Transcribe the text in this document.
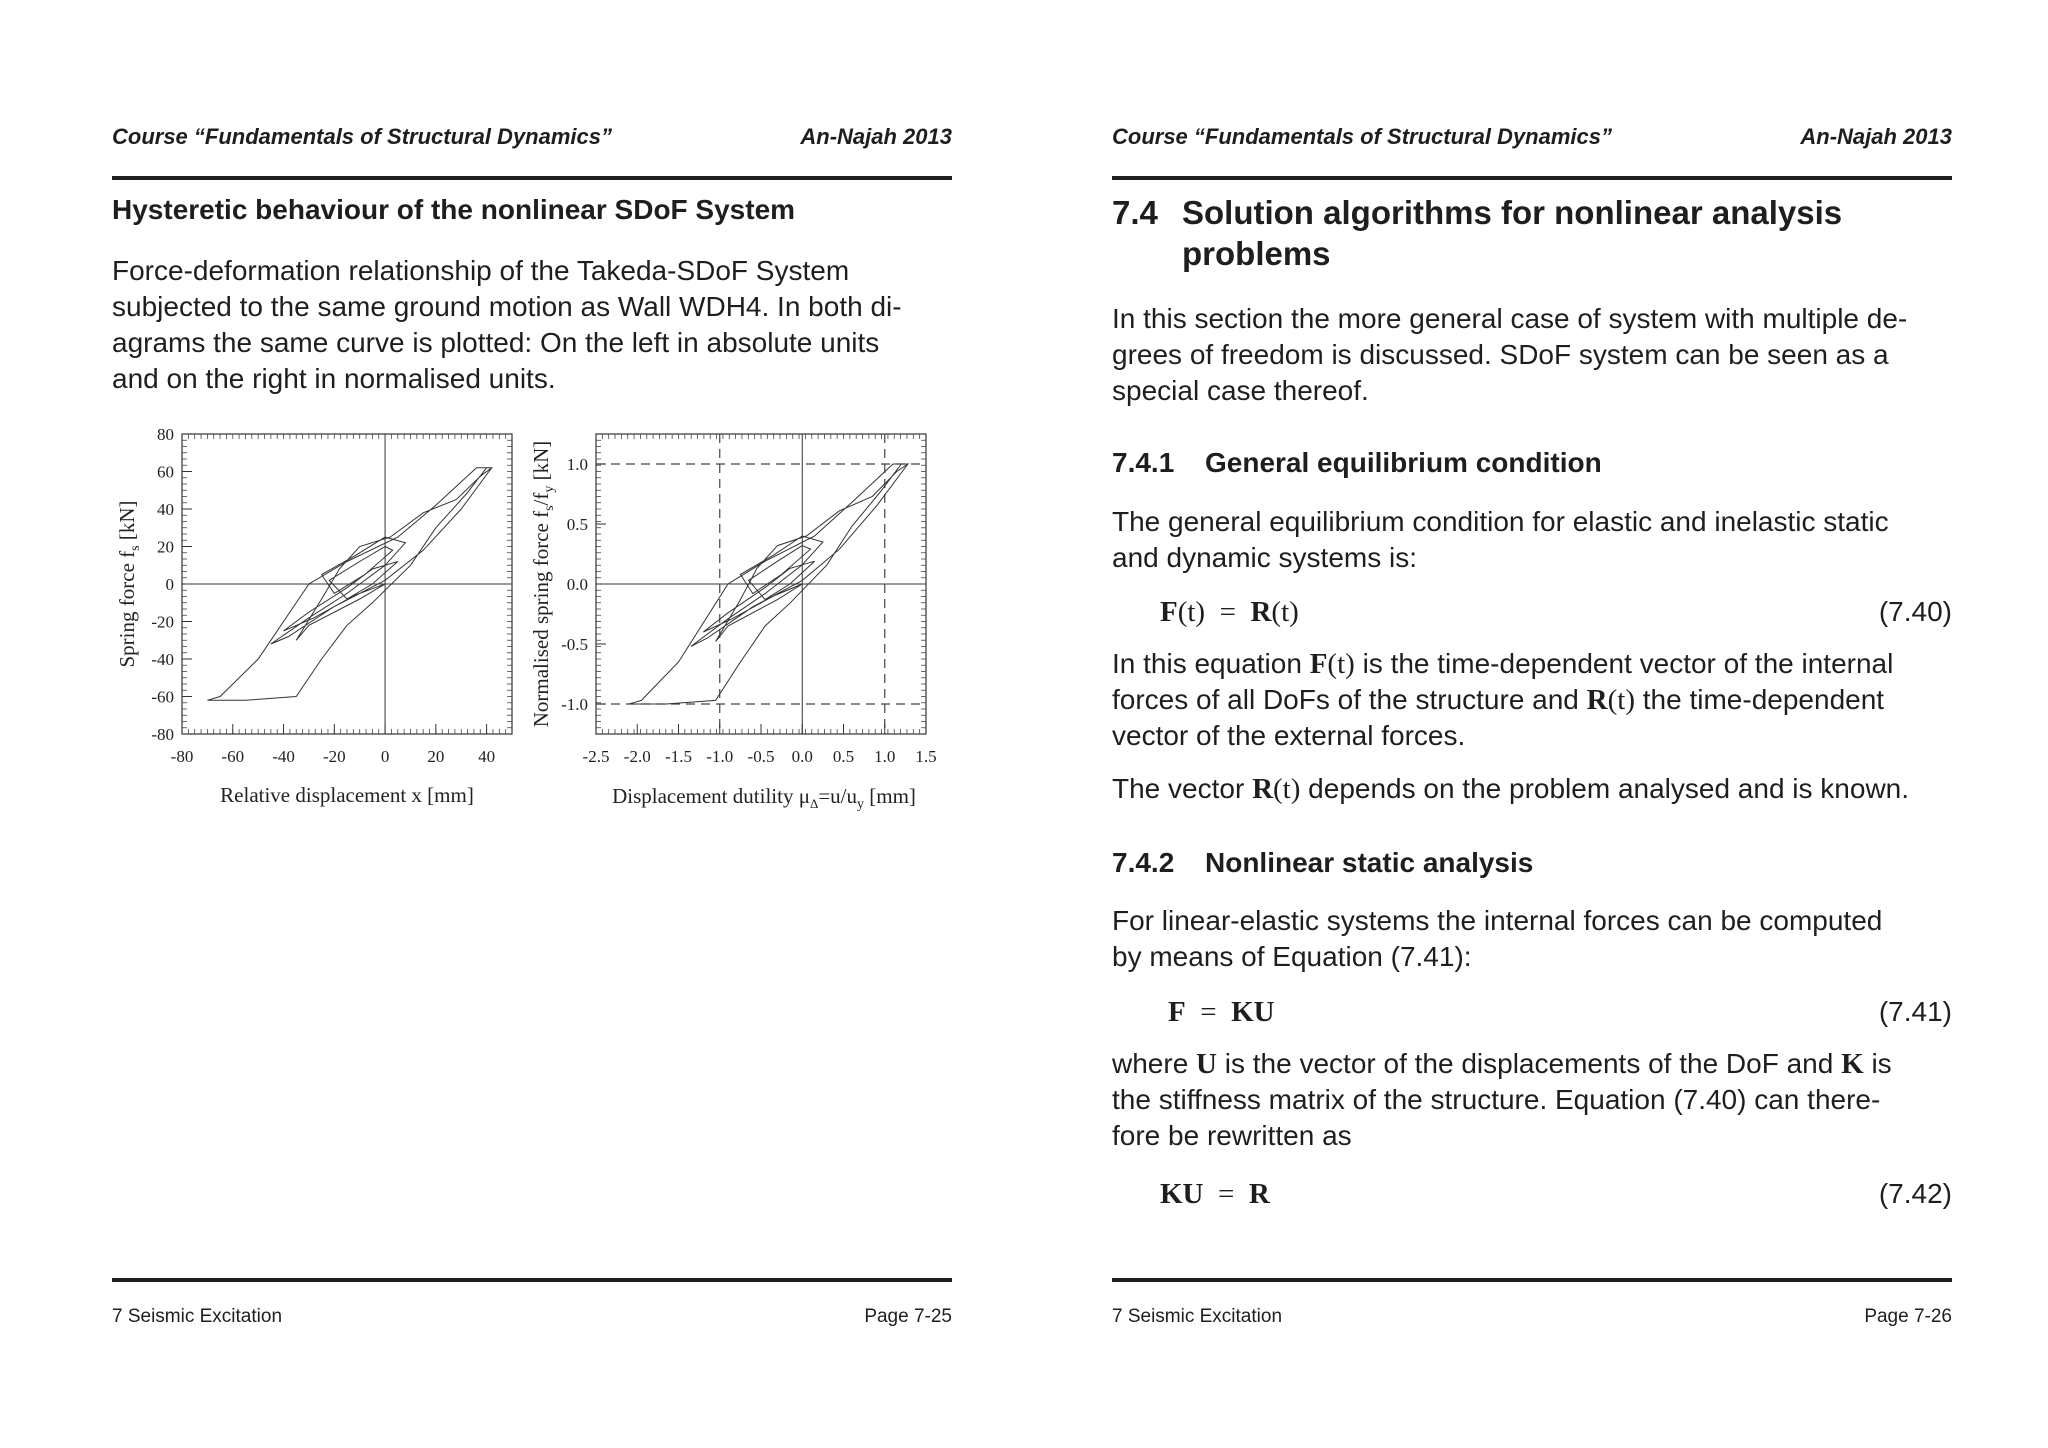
Course “Fundamentals of Structural Dynamics”	An-Najah 2013
Hysteretic behaviour of the nonlinear SDoF System
Force-deformation relationship of the Takeda-SDoF System
subjected to the same ground motion as Wall WDH4. In both di-
agrams the same curve is plotted: On the left in absolute units
and on the right in normalised units.
-80 -60 -40 -20 0 20 40
80
60
40
20
0
-20
-40
-60
-80
Relative displacement x [mm]
Spring force $f_s$ [kN]
-2.5 -2.0 -1.5 -1.0 -0.5 0.0 0.5 1.0 1.5
1.0
0.5
0.0
-0.5
-1.0
Displacement dutility $\mu_\Delta=u/u_y$ [mm]
Normalised spring force $f_s/f_y$ [kN]
7 Seismic Excitation	Page 7-25
Course “Fundamentals of Structural Dynamics”	An-Najah 2013
7.4 Solution algorithms for nonlinear analysis problems
In this section the more general case of system with multiple de-
grees of freedom is discussed. SDoF system can be seen as a
special case thereof.
7.4.1 General equilibrium condition
The general equilibrium condition for elastic and inelastic static
and dynamic systems is:
F(t) = R(t)	(7.40)
In this equation F(t) is the time-dependent vector of the internal
forces of all DoFs of the structure and R(t) the time-dependent
vector of the external forces.
The vector R(t) depends on the problem analysed and is known.
7.4.2 Nonlinear static analysis
For linear-elastic systems the internal forces can be computed
by means of Equation (7.41):
F = KU	(7.41)
where U is the vector of the displacements of the DoF and K is
the stiffness matrix of the structure. Equation (7.40) can there-
fore be rewritten as
KU = R	(7.42)
7 Seismic Excitation	Page 7-26
